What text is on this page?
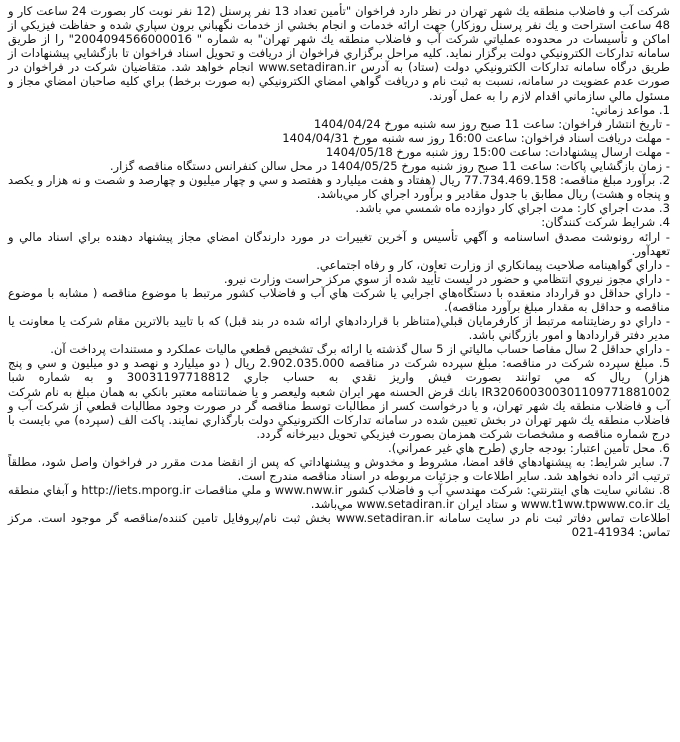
شرکت آب و فاضلاب منطقه يك شهر تهران در نظر دارد فراخوان "تأمين تعداد 13 نفر پرسنل (12 نفر نوبت كار بصورت 24 ساعت كار و 48 ساعت استراحت و يك نفر پرسنل روزكار) جهت ارائه خدمات و انجام بخشي از خدمات نگهباني برون سپاري شده و حفاظت فيزيكي از اماكن و تأسيسات در محدوده عملياتي شركت آب و فاضلاب منطقه يك شهر تهران" به شماره " 2004094566000016" را از طريق سامانه تداركات الكترونيكي دولت برگزار نمايد. كليه مراحل برگزاري فراخوان از دريافت و تحويل اسناد فراخوان تا بازگشايي پيشنهادات از طريق درگاه سامانه تداركات الكترونيكي دولت (ستاد) به آدرس www.setadiran.ir انجام خواهد شد. متقاضيان شركت در فراخوان در صورت عدم عضويت در سامانه، نسبت به ثبت نام و دريافت گواهي امضاي الكترونيكي (به صورت برخط) براي كليه صاحبان امضاي مجاز و مسئول مالي سازماني اقدام لازم را به عمل آورند.

1. مواعد زماني:

- تاريخ انتشار فراخوان: ساعت 11 صبح روز سه شنبه مورخ 1404/04/24

- مهلت دريافت اسناد فراخوان: ساعت 16:00 روز سه شنبه مورخ 1404/04/31

- مهلت ارسال پيشنهادات: ساعت 15:00 روز شنبه مورخ 1404/05/18

- زمان بازگشايي پاكات: ساعت 11 صبح روز شنبه مورخ 1404/05/25 در محل سالن كنفرانس دستگاه مناقصه گزار.

2. برآورد مبلغ مناقصه: 77.734.469.158 ريال (هفتاد و هفت ميليارد و هفتصد و سي و چهار ميليون و چهارصد و شصت و نه هزار و يكصد و پنجاه و هشت) ريال مطابق با جدول مقادير و برآورد اجراي كار مي‌باشد.

3. مدت اجراي كار: مدت اجراي كار دوازده ماه شمسي مي باشد.

4. شرايط شركت كنندگان:

- ارائه رونوشت مصدق اساسنامه و آگهي تأسيس و آخرين تغييرات در مورد دارندگان امضاي مجاز پيشنهاد دهنده براي اسناد مالي و تعهدآور.

- داراي گواهينامه صلاحيت پيمانكاري از وزارت تعاون، كار و رفاه اجتماعي.

- داراي مجوز نيروي انتظامي و حضور در ليست تأييد شده از سوي مركز حراست وزارت نيرو.

- داراي حداقل دو قرارداد منعقده با دستگاه‌هاي اجرايي يا شركت هاي آب و فاضلاب كشور مرتبط با موضوع مناقصه ( مشابه با موضوع مناقصه و حداقل به مقدار مبلغ برآورد مناقصه).

- داراي دو رضايتنامه مرتبط از كارفرمايان قبلي(متناظر با قراردادهاي ارائه شده در بند قبل) كه با تاييد بالاترين مقام شركت يا معاونت يا مدير دفتر قراردادها و امور بازرگاني باشد.

- داراي حداقل 2 سال مفاصا حساب مالياتي از 5 سال گذشته يا ارائه برگ تشخيص قطعي ماليات عملكرد و مستندات پرداخت آن.

5. مبلغ سپرده شركت در مناقصه: مبلغ سپرده شركت در مناقصه 2.902.035.000 ريال ( دو ميليارد و نهصد و دو ميليون و سي و پنج هزار) ريال كه مي توانند بصورت فيش واريز نقدي به حساب جاري 30031197718812 و به شماره شبا IR320600300301109771881002 بانك قرض الحسنه مهر ايران شعبه وليعصر و يا ضمانتنامه معتبر بانكي به همان مبلغ به نام شركت آب و فاضلاب منطقه يك شهر تهران، و يا درخواست كسر از مطالبات توسط مناقصه گر در صورت وجود مطالبات قطعي از شركت آب و فاضلاب منطقه يك شهر تهران در بخش تعيين شده در سامانه تداركات الكترونيكي دولت بارگذاري نمايند. پاكت الف (سپرده) مي بايست با درج شماره مناقصه و مشخصات شركت همزمان بصورت فيزيكي تحويل دبيرخانه گردد.

6. محل تأمين اعتبار: بودجه جاري (طرح هاي غير عمراني).

7. ساير شرايط: به پيشنهادهاي فاقد امضا، مشروط و مخدوش و پيشنهاداتي كه پس از انقضا مدت مقرر در فراخوان واصل شود، مطلقاً ترتيب اثر داده نخواهد شد. ساير اطلاعات و جزئيات مربوطه در اسناد مناقصه مندرج است.

8. نشاني سايت هاي اينترنتي: شركت مهندسي آب و فاضلاب كشور www.nww.ir و ملي مناقصات http://iets.mporg.ir و آبفاي منطقه يك www.t1ww.tpwww.co.ir و ستاد ايران www.setadiran.ir مي‌باشد.

اطلاعات تماس دفاتر ثبت نام در سايت سامانه www.setadiran.ir بخش ثبت نام/پروفايل تامين كننده/مناقصه گر موجود است. مركز تماس: 41934-021
